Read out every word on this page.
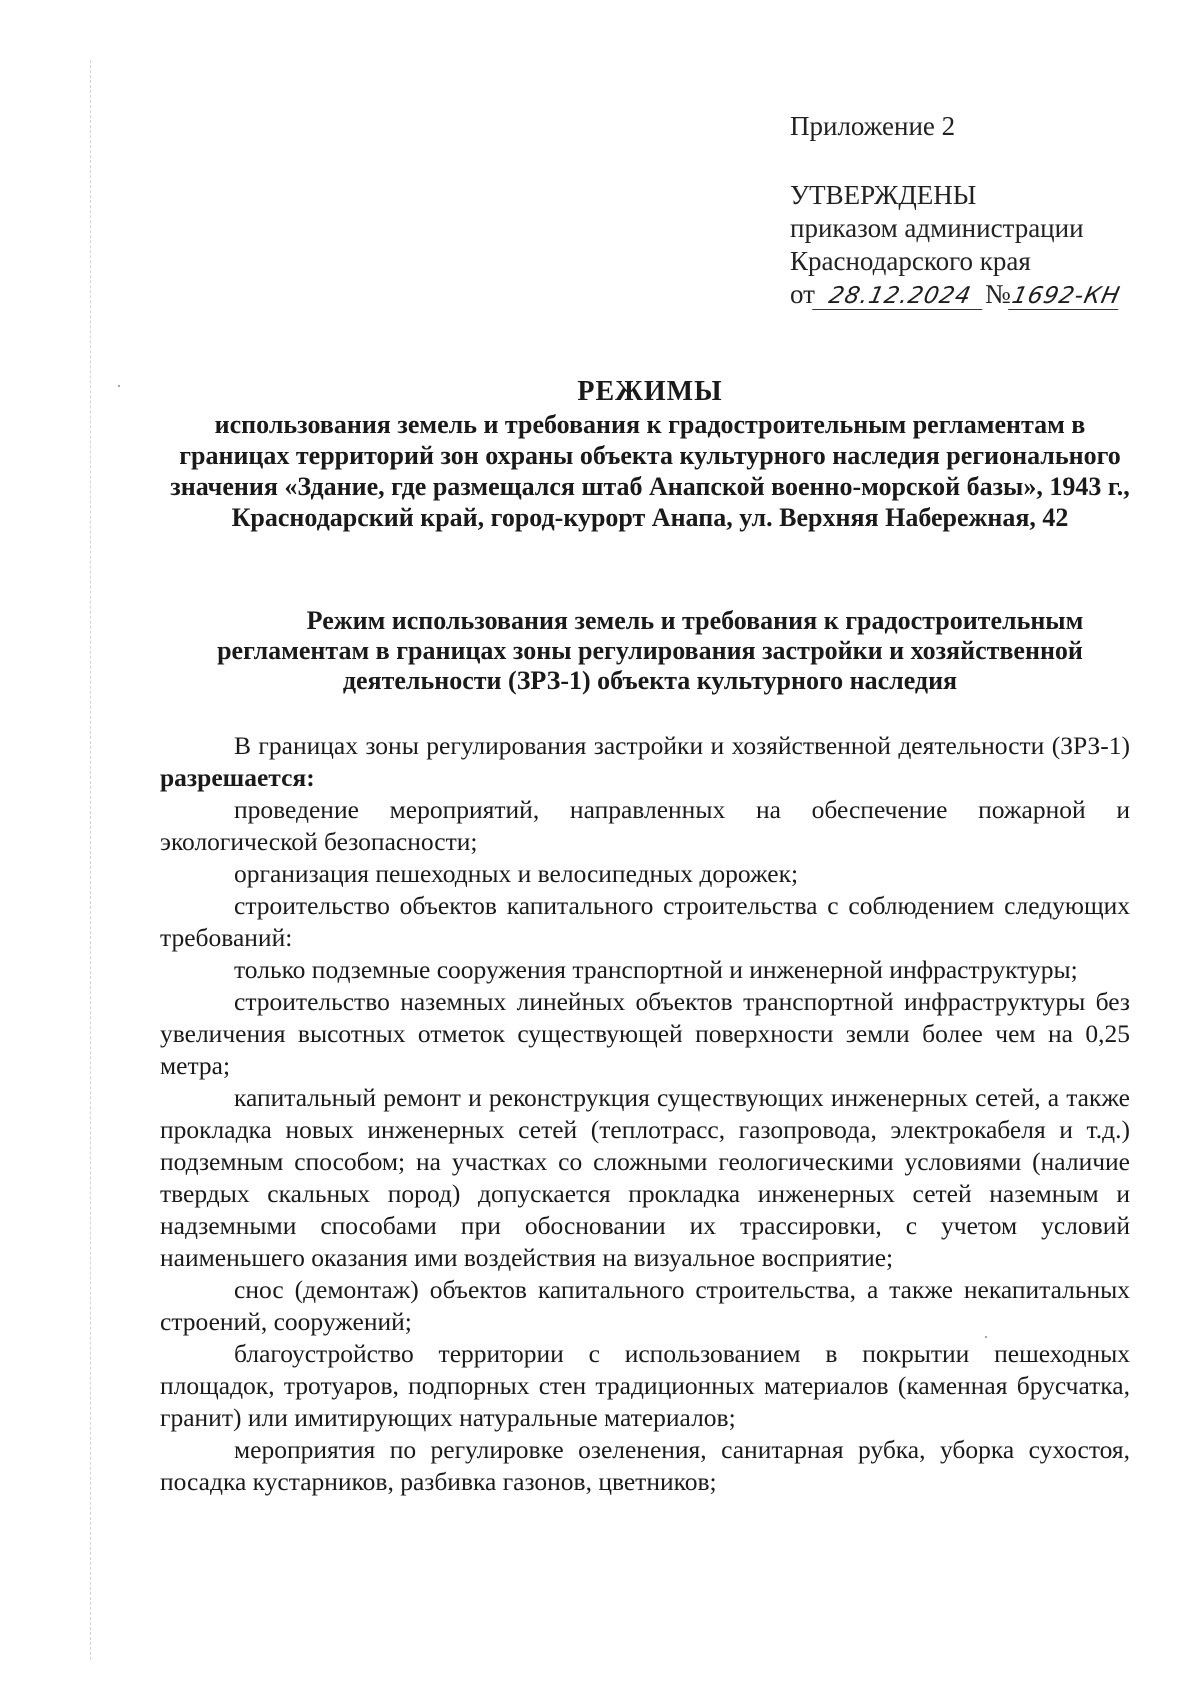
Приложение 2
УТВЕРЖДЕНЫ
приказом администрации
Краснодарского края
от 28.12.2024 №1692-КН
РЕЖИМЫ
использования земель и требования к градостроительным регламентам в границах территорий зон охраны объекта культурного наследия регионального значения «Здание, где размещался штаб Анапской военно-морской базы», 1943 г., Краснодарский край, город-курорт Анапа, ул. Верхняя Набережная, 42
Режим использования земель и требования к градостроительным регламентам в границах зоны регулирования застройки и хозяйственной деятельности (ЗРЗ-1) объекта культурного наследия

В границах зоны регулирования застройки и хозяйственной деятельности (ЗРЗ-1) разрешается:

проведение мероприятий, направленных на обеспечение пожарной и экологической безопасности;

организация пешеходных и велосипедных дорожек;

строительство объектов капитального строительства с соблюдением следующих требований:

только подземные сооружения транспортной и инженерной инфраструктуры;

строительство наземных линейных объектов транспортной инфраструктуры без увеличения высотных отметок существующей поверхности земли более чем на 0,25 метра;

капитальный ремонт и реконструкция существующих инженерных сетей, а также прокладка новых инженерных сетей (теплотрасс, газопровода, электрокабеля и т.д.) подземным способом; на участках со сложными геологическими условиями (наличие твердых скальных пород) допускается прокладка инженерных сетей наземным и надземными способами при обосновании их трассировки, с учетом условий наименьшего оказания ими воздействия на визуальное восприятие;

снос (демонтаж) объектов капитального строительства, а также некапитальных строений, сооружений;

благоустройство территории с использованием в покрытии пешеходных площадок, тротуаров, подпорных стен традиционных материалов (каменная брусчатка, гранит) или имитирующих натуральные материалов;

мероприятия по регулировке озеленения, санитарная рубка, уборка сухостоя, посадка кустарников, разбивка газонов, цветников;
